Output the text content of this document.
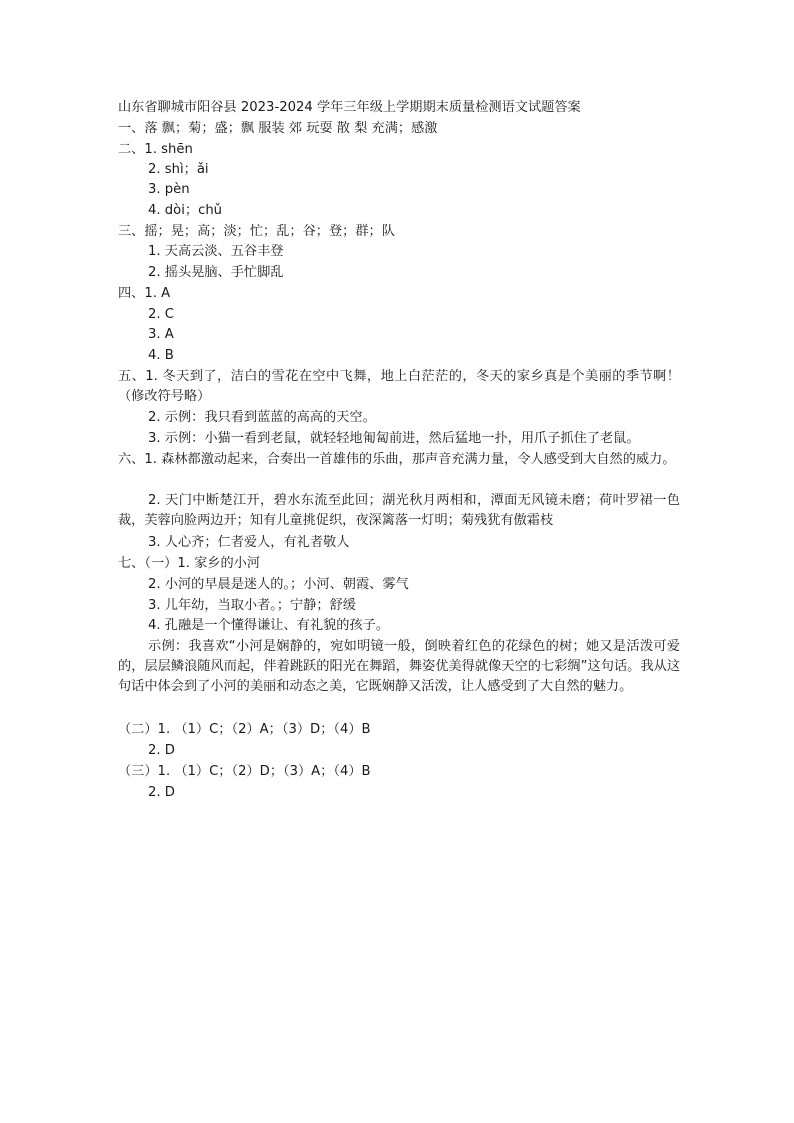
山东省聊城市阳谷县 2023-2024 学年三年级上学期期末质量检测语文试题答案
一、落 飘；菊；盛；飘 服装 郊 玩耍 散 梨 充满；感激
二、1. shēn
2. shì；ǎi
3. pèn
4. dòi；chǔ
三、摇；晃；高；淡；忙；乱；谷；登；群；队
1. 天高云淡、五谷丰登
2. 摇头晃脑、手忙脚乱
四、1. A
2. C
3. A
4. B
五、1. 冬天到了，洁白的雪花在空中飞舞，地上白茫茫的，冬天的家乡真是个美丽的季节啊！（修改符号略）
2. 示例：我只看到蓝蓝的高高的天空。
3. 示例：小猫一看到老鼠，就轻轻地匍匐前进，然后猛地一扑，用爪子抓住了老鼠。
六、1. 森林都激动起来，合奏出一首雄伟的乐曲，那声音充满力量，令人感受到大自然的威力。
2. 天门中断楚江开，碧水东流至此回；湖光秋月两相和，潭面无风镜未磨；荷叶罗裙一色裁，芙蓉向脸两边开；知有儿童挑促织，夜深篱落一灯明；菊残犹有傲霜枝
3. 人心齐；仁者爱人，有礼者敬人
七、（一）1. 家乡的小河
2. 小河的早晨是迷人的。；小河、朝霞、雾气
3. 儿年幼，当取小者。；宁静；舒缓
4. 孔融是一个懂得谦让、有礼貌的孩子。
示例：我喜欢“小河是娴静的，宛如明镜一般，倒映着红色的花绿色的树；她又是活泼可爱的，层层鳞浪随风而起，伴着跳跃的阳光在舞蹈，舞姿优美得就像天空的七彩绸”这句话。我从这句话中体会到了小河的美丽和动态之美，它既娴静又活泼，让人感受到了大自然的魅力。
（二）1. （1）C；（2）A；（3）D；（4）B
2. D
（三）1. （1）C；（2）D；（3）A；（4）B
2. D
